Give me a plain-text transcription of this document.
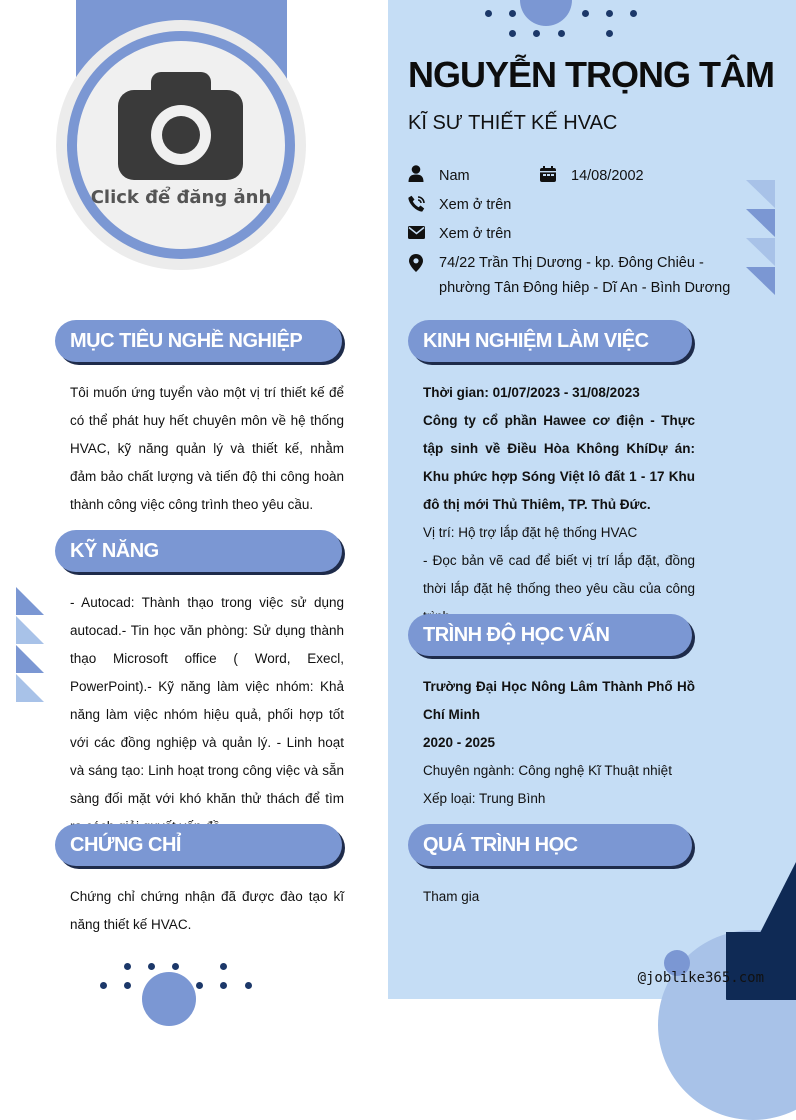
Click để đăng ảnh
NGUYỄN TRỌNG TÂM
KĨ SƯ THIẾT KẾ HVAC
Nam	14/08/2002
Xem ở trên
Xem ở trên
74/22 Trần Thị Dương - kp. Đông Chiêu -
phường Tân Đông hiêp - Dĩ An - Bình Dương
MỤC TIÊU NGHỀ NGHIỆP
Tôi muốn ứng tuyển vào một vị trí thiết kế để có thể phát huy hết chuyên môn về hệ thống HVAC, kỹ năng quản lý và thiết kế, nhằm đảm bảo chất lượng và tiến độ thi công hoàn thành công việc công trình theo yêu cầu.
KỸ NĂNG
- Autocad: Thành thạo trong việc sử dụng autocad.- Tin học văn phòng: Sử dụng thành thạo Microsoft office ( Word, Execl, PowerPoint).- Kỹ năng làm việc nhóm: Khả năng làm việc nhóm hiệu quả, phối hợp tốt với các đồng nghiệp và quản lý. - Linh hoạt và sáng tạo: Linh hoạt trong công việc và sẵn sàng đối mặt với khó khăn thử thách để tìm
CHỨNG CHỈ
Chứng chỉ chứng nhận đã được đào tạo kĩ năng thiết kế HVAC.
KINH NGHIỆM LÀM VIỆC
Thời gian: 01/07/2023 - 31/08/2023
Công ty cổ phần Hawee cơ điện - Thực tập sinh về Điều Hòa Không KhíDự án: Khu phức hợp Sóng Việt lô đất 1 - 17 Khu đô thị mới Thủ Thiêm, TP. Thủ Đức.
Vị trí: Hộ trợ lắp đặt hệ thống HVAC
- Đọc bản vẽ cad để biết vị trí lắp đặt, đồng thời lắp đặt hệ thống theo yêu cầu của công
TRÌNH ĐỘ HỌC VẤN
Trường Đại Học Nông Lâm Thành Phố Hồ Chí Minh
2020 - 2025
Chuyên ngành: Công nghệ Kĩ Thuật nhiệt
Xếp loại: Trung Bình
QUÁ TRÌNH HỌC
Tham gia
@joblike365.com
